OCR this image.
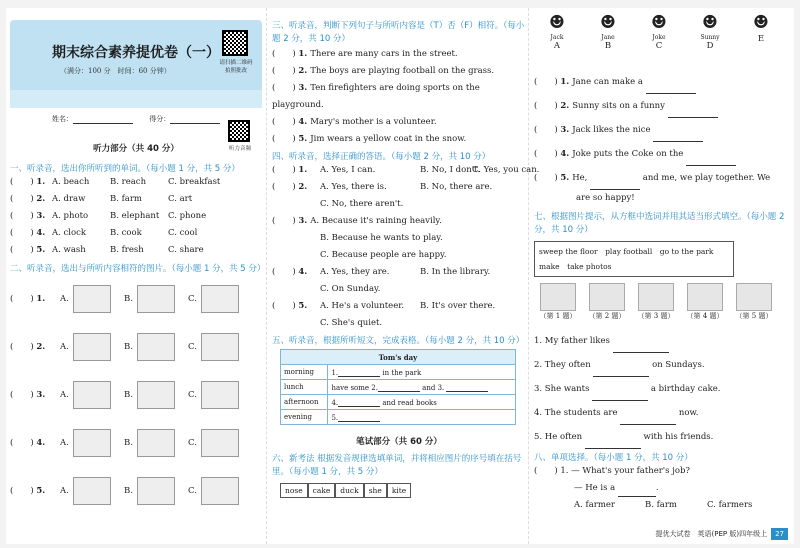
期末综合素养提优卷（一）
（满分：100 分　时间：60 分钟）
请扫描二维码
拍照批改
姓名：	得分：
听力音频
听力部分（共 40 分）
一、听录音，选出你所听到的单词。（每小题 1 分，共 5 分）
(　　) 1. A. beach B. reach	C. breakfast
(　　) 2. A. draw	B. farm	C. art
(　　) 3. A. photo	B. elephant C. phone
(　　) 4. A. clock	B. cook	C. cool
(　　) 5. A. wash	B. fresh	C. share
二、听录音，选出与所听内容相符的图片。（每小题 1 分，共 5 分）
(　　) 1. A.	B.	C.
(　　) 2. A.	B.	C.
(　　) 3. A.	B.	C.
(　　) 4. A.	B.	C.
(　　) 5. A.	B.	C.
三、听录音，判断下列句子与所听内容是（T）否（F）相符。（每小题 2 分，共 10 分）
(　　) 1. There are many cars in the street.
(　　) 2. The boys are playing football on the grass.
(　　) 3. Ten firefighters are doing sports on the playground.
(　　) 4. Mary's mother is a volunteer.
(　　) 5. Jim wears a yellow coat in the snow.
四、听录音，选择正确的答语。（每小题 2 分，共 10 分）
(　　) 1. A. Yes, I can.	B. No, I don't.
C. Yes, you can.
(　　) 2. A. Yes, there is.	B. No, there are.
C. No, there aren't.
(　　) 3. A. Because it's raining heavily.
B. Because he wants to play.
C. Because people are happy.
(　　) 4. A. Yes, they are.	B. In the library.
C. On Sunday.
(　　) 5. A. He's a volunteer. B. It's over there.
C. She's quiet.
五、听录音，根据所听短文，完成表格。（每小题 2 分，共 10 分）
Tom's day	
morning	1. in the park
lunch	have some 2. and 3.
afternoon	4. and read books
evening	5.
笔试部分（共 60 分）
六、新考法 根据发音规律选填单词，并将相应图片的序号填在括号里。（每小题 1 分，共 5 分）
nose cake duck she kite
☻
Jack
A
☻
Jane
B
☻
Joke
C
☻
Sunny
D
☻
E
(　　) 1. Jane can make a
(　　) 2. Sunny sits on a funny
(　　) 3. Jack likes the nice
(　　) 4. Joke puts the Coke on the
(　　) 5. He,	and me, we play together. We
are so happy!
七、根据图片提示，从方框中选词并用其适当形式填空。（每小题 2 分，共 10 分）
sweep the floor　play football　go to the park　make　take photos
（第 1 题）	（第 2 题）	（第 3 题）	（第 4 题）	（第 5 题）
1. My father likes
2. They often	on Sundays.
3. She wants	a birthday cake.
4. The students are	now.
5. He often	with his friends.
八、单项选择。（每小题 1 分，共 10 分）
(　　) 1. — What's your father's job?
— He is a	.
A. farmer	B. farm	C. farmers
提优大试卷　英语(PEP 版)四年级上 27
